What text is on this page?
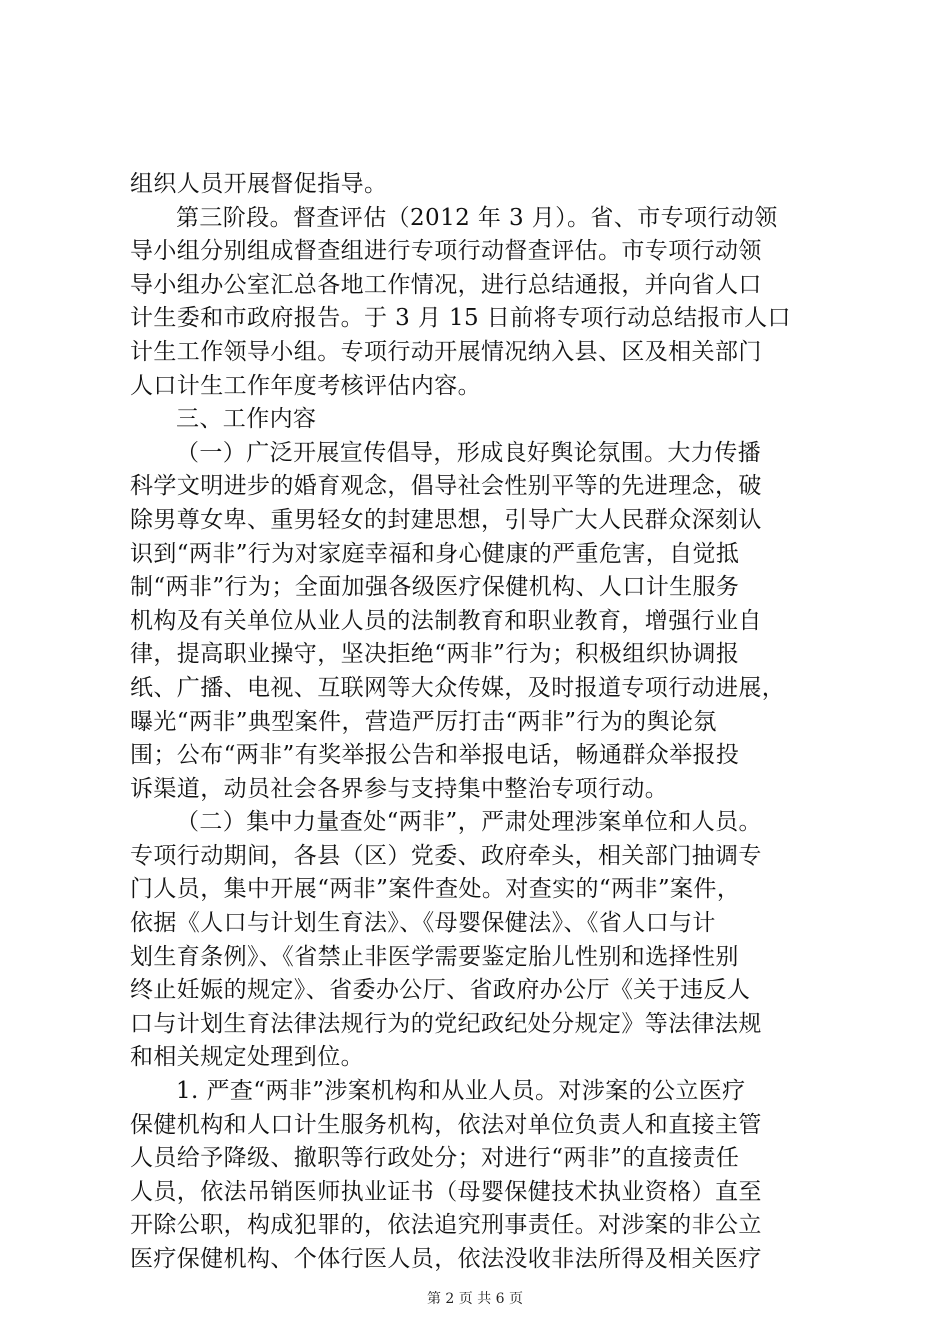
组织人员开展督促指导。
第三阶段。督查评估（2012 年 3 月）。省、市专项行动领
导小组分别组成督查组进行专项行动督查评估。市专项行动领
导小组办公室汇总各地工作情况，进行总结通报，并向省人口
计生委和市政府报告。于 3 月 15 日前将专项行动总结报市人口
计生工作领导小组。专项行动开展情况纳入县、区及相关部门
人口计生工作年度考核评估内容。
三、工作内容
（一）广泛开展宣传倡导，形成良好舆论氛围。大力传播
科学文明进步的婚育观念，倡导社会性别平等的先进理念，破
除男尊女卑、重男轻女的封建思想，引导广大人民群众深刻认
识到“两非”行为对家庭幸福和身心健康的严重危害，自觉抵
制“两非”行为；全面加强各级医疗保健机构、人口计生服务
机构及有关单位从业人员的法制教育和职业教育，增强行业自
律，提高职业操守，坚决拒绝“两非”行为；积极组织协调报
纸、广播、电视、互联网等大众传媒，及时报道专项行动进展，
曝光“两非”典型案件，营造严厉打击“两非”行为的舆论氛
围；公布“两非”有奖举报公告和举报电话，畅通群众举报投
诉渠道，动员社会各界参与支持集中整治专项行动。
（二）集中力量查处“两非”，严肃处理涉案单位和人员。
专项行动期间，各县（区）党委、政府牵头，相关部门抽调专
门人员，集中开展“两非”案件查处。对查实的“两非”案件，
依据《人口与计划生育法》、《母婴保健法》、《省人口与计
划生育条例》、《省禁止非医学需要鉴定胎儿性别和选择性别
终止妊娠的规定》、省委办公厅、省政府办公厅《关于违反人
口与计划生育法律法规行为的党纪政纪处分规定》等法律法规
和相关规定处理到位。
1. 严查“两非”涉案机构和从业人员。对涉案的公立医疗
保健机构和人口计生服务机构，依法对单位负责人和直接主管
人员给予降级、撤职等行政处分；对进行“两非”的直接责任
人员，依法吊销医师执业证书（母婴保健技术执业资格）直至
开除公职，构成犯罪的，依法追究刑事责任。对涉案的非公立
医疗保健机构、个体行医人员，依法没收非法所得及相关医疗
第 2 页 共 6 页
